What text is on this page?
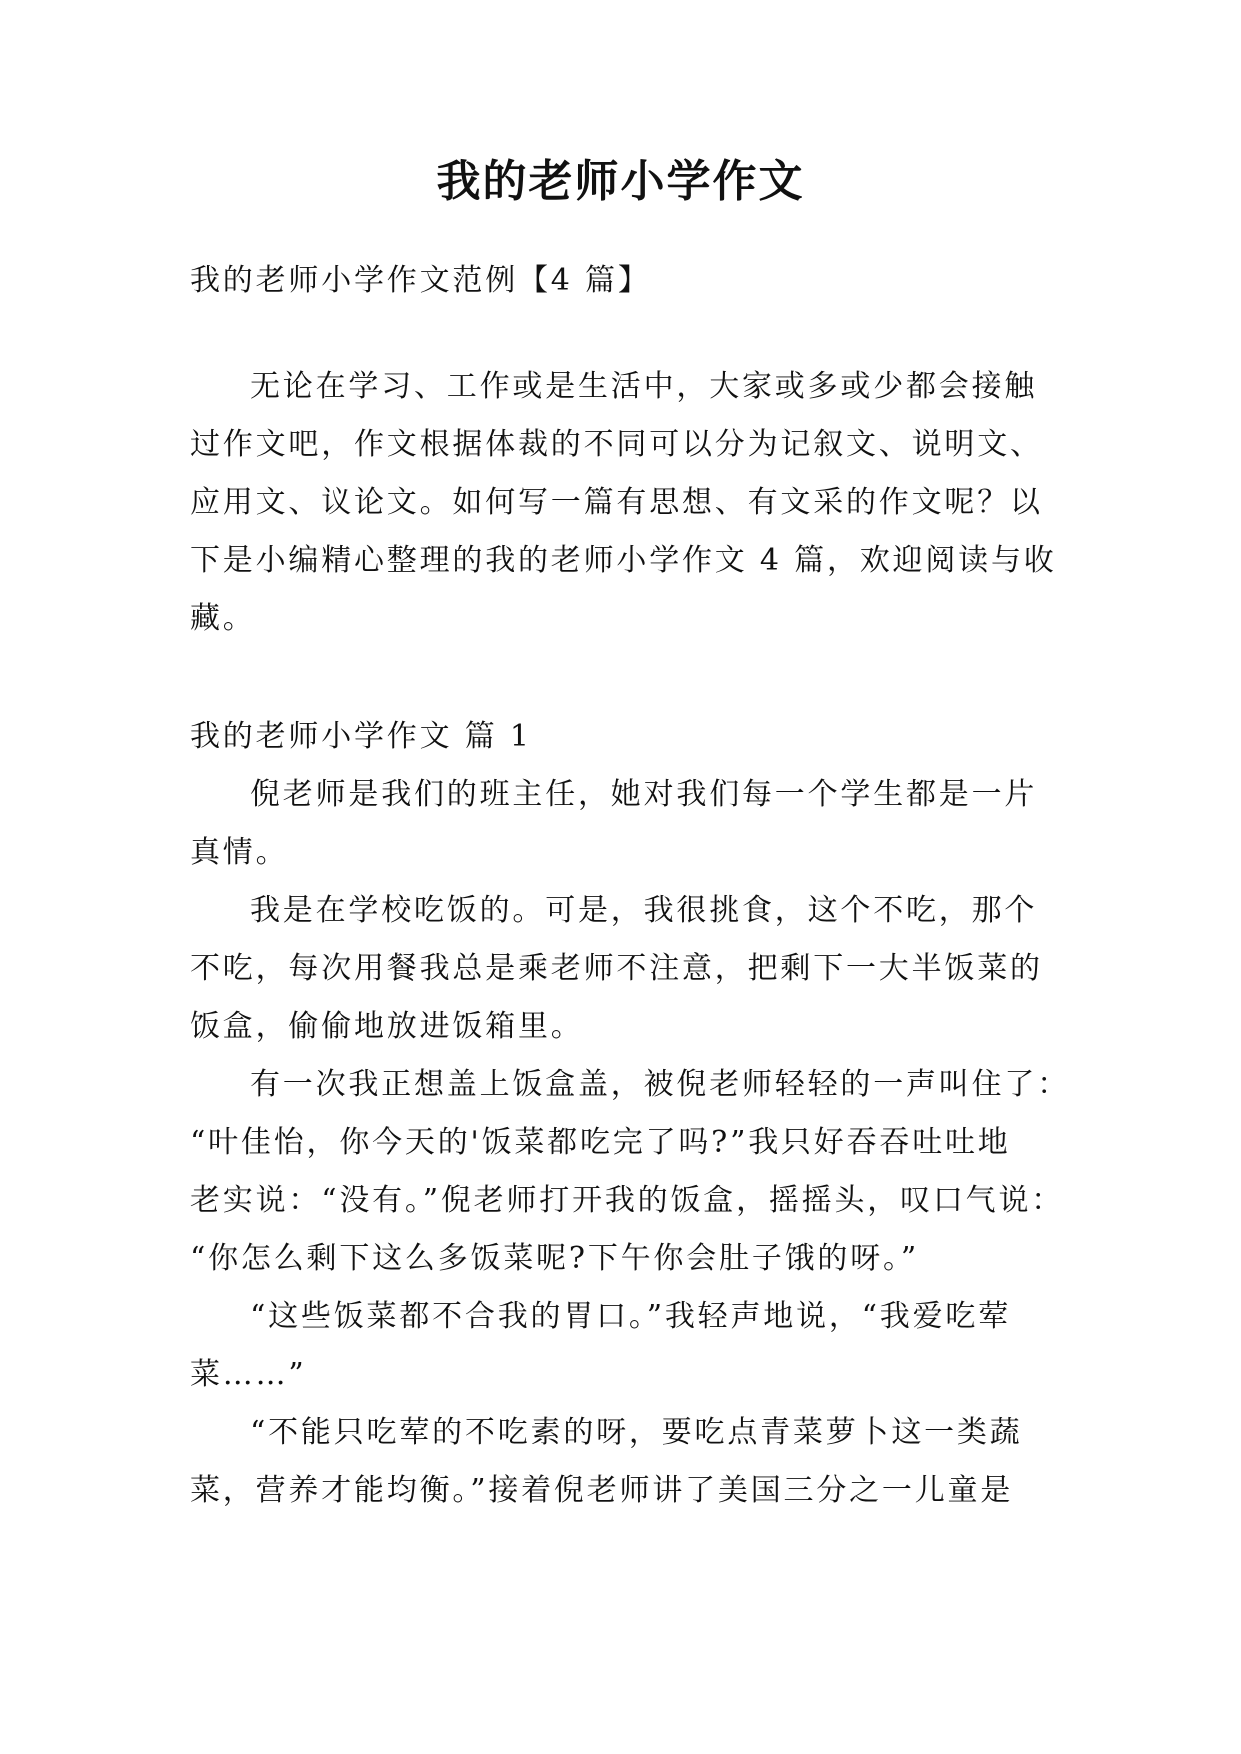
我的老师小学作文

我的老师小学作文范例【4 篇】

无论在学习、工作或是生活中，大家或多或少都会接触
过作文吧，作文根据体裁的不同可以分为记叙文、说明文、
应用文、议论文。如何写一篇有思想、有文采的作文呢？以
下是小编精心整理的我的老师小学作文 4 篇，欢迎阅读与收
藏。

我的老师小学作文 篇 1

倪老师是我们的班主任，她对我们每一个学生都是一片
真情。

我是在学校吃饭的。可是，我很挑食，这个不吃，那个
不吃，每次用餐我总是乘老师不注意，把剩下一大半饭菜的
饭盒，偷偷地放进饭箱里。

有一次我正想盖上饭盒盖，被倪老师轻轻的一声叫住了：
“叶佳怡，你今天的'饭菜都吃完了吗?”我只好吞吞吐吐地
老实说：“没有。”倪老师打开我的饭盒，摇摇头，叹口气说：
“你怎么剩下这么多饭菜呢?下午你会肚子饿的呀。”

“这些饭菜都不合我的胃口。”我轻声地说，“我爱吃荤
菜……”

“不能只吃荤的不吃素的呀，要吃点青菜萝卜这一类蔬
菜，营养才能均衡。”接着倪老师讲了美国三分之一儿童是
